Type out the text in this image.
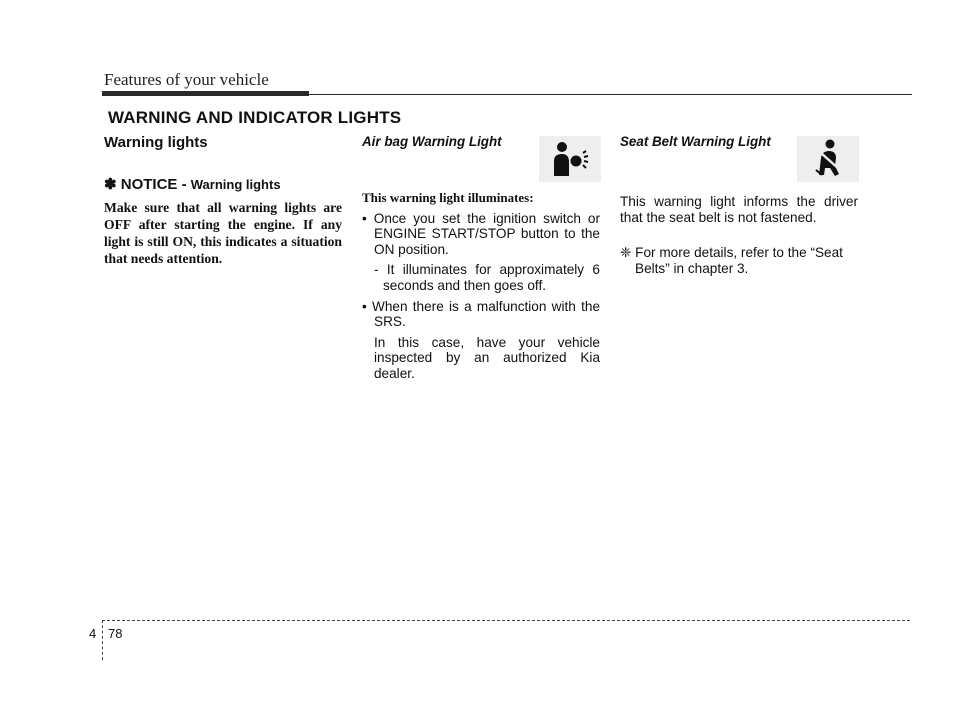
Features of your vehicle
WARNING AND INDICATOR LIGHTS
Warning lights
✽ NOTICE - Warning lights
Make sure that all warning lights are OFF after starting the engine. If any light is still ON, this indicates a situation that needs attention.
Air bag Warning Light
This warning light illuminates:
• Once you set the ignition switch or ENGINE START/STOP button to the ON position.
- It illuminates for approximately 6 seconds and then goes off.
• When there is a malfunction with the SRS.
In this case, have your vehicle inspected by an authorized Kia dealer.
Seat Belt Warning Light
This warning light informs the driver that the seat belt is not fastened.
❈ For more details, refer to the “Seat Belts” in chapter 3.
4 78
